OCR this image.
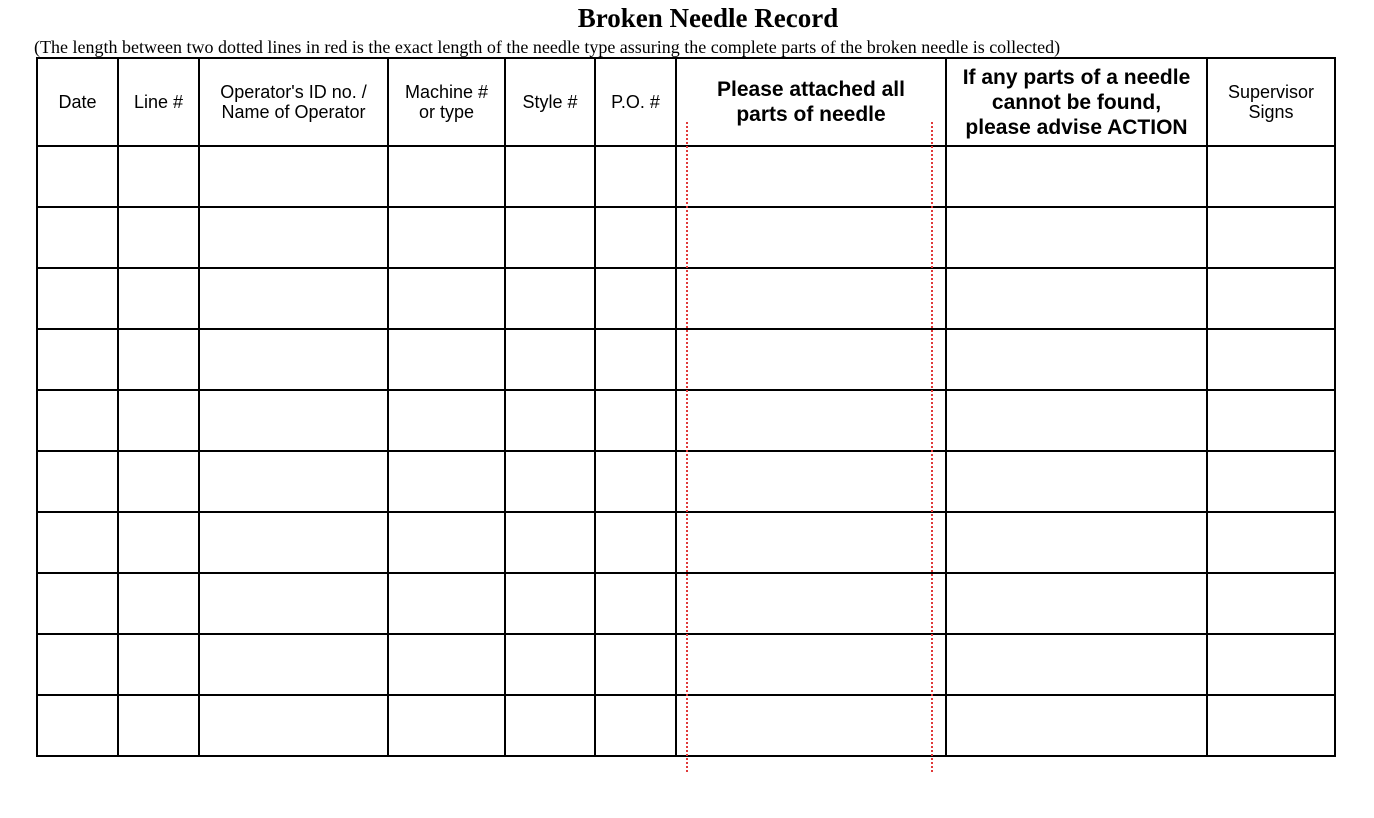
Broken Needle Record
(The length between two dotted lines in red is the exact length of the needle type assuring the complete parts of the broken needle is collected)
Date	Line #	Operator's ID no. /
Name of Operator	Machine #
or type	Style #	P.O. #	Please attached all
parts of needle	If any parts of a needle
cannot be found,
please advise ACTION	Supervisor
Signs
